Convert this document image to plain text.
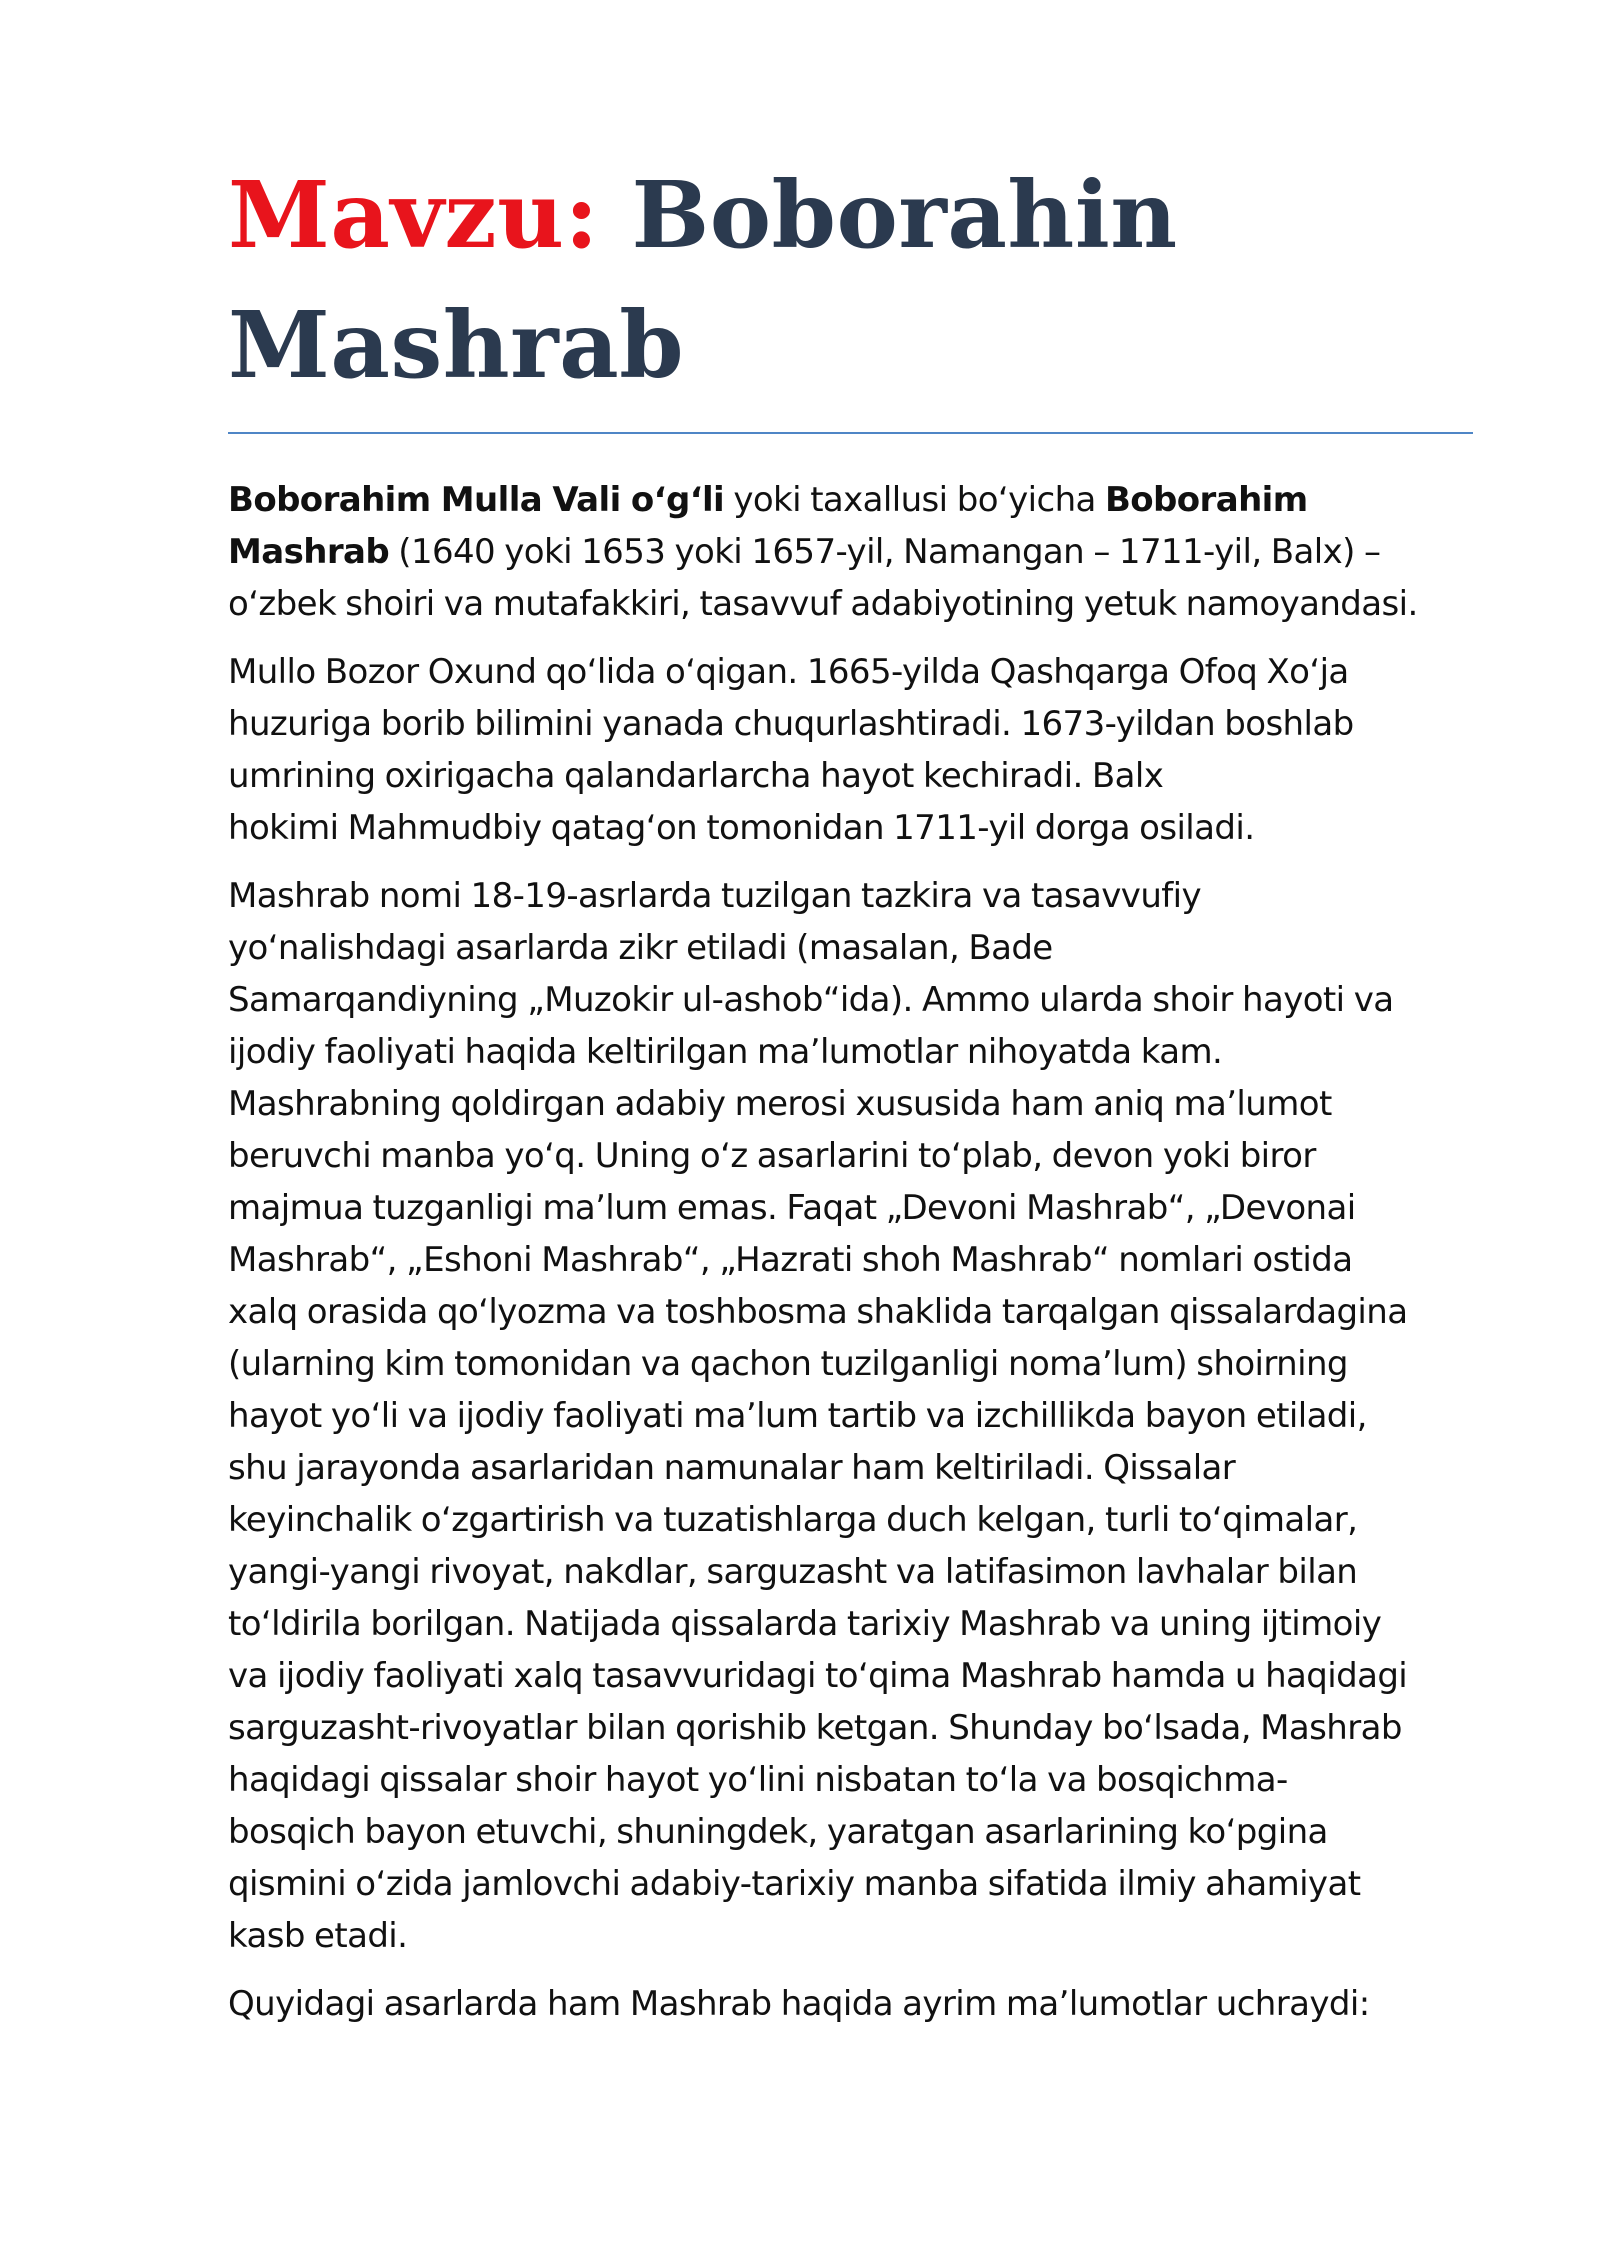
Mavzu: Boborahin
Mashrab

Boborahim Mulla Vali oʻgʻli yoki taxallusi boʻyicha Boborahim
Mashrab (1640 yoki 1653 yoki 1657-yil, Namangan – 1711-yil, Balx) –
oʻzbek shoiri va mutafakkiri, tasavvuf adabiyotining yetuk namoyandasi.

Mullo Bozor Oxund qoʻlida oʻqigan. 1665-yilda Qashqarga Ofoq Xoʻja
huzuriga borib bilimini yanada chuqurlashtiradi. 1673-yildan boshlab
umrining oxirigacha qalandarlarcha hayot kechiradi. Balx
hokimi Mahmudbiy qatagʻon tomonidan 1711-yil dorga osiladi.

Mashrab nomi 18-19-asrlarda tuzilgan tazkira va tasavvufiy
yoʻnalishdagi asarlarda zikr etiladi (masalan, Bade
Samarqandiyning „Muzokir ul-ashob“ida). Ammo ularda shoir hayoti va
ijodiy faoliyati haqida keltirilgan maʼlumotlar nihoyatda kam.
Mashrabning qoldirgan adabiy merosi xususida ham aniq maʼlumot
beruvchi manba yoʻq. Uning oʻz asarlarini toʻplab, devon yoki biror
majmua tuzganligi maʼlum emas. Faqat „Devoni Mashrab“, „Devonai
Mashrab“, „Eshoni Mashrab“, „Hazrati shoh Mashrab“ nomlari ostida
xalq orasida qoʻlyozma va toshbosma shaklida tarqalgan qissalardagina
(ularning kim tomonidan va qachon tuzilganligi nomaʼlum) shoirning
hayot yoʻli va ijodiy faoliyati maʼlum tartib va izchillikda bayon etiladi,
shu jarayonda asarlaridan namunalar ham keltiriladi. Qissalar
keyinchalik oʻzgartirish va tuzatishlarga duch kelgan, turli toʻqimalar,
yangi-yangi rivoyat, nakdlar, sarguzasht va latifasimon lavhalar bilan
toʻldirila borilgan. Natijada qissalarda tarixiy Mashrab va uning ijtimoiy
va ijodiy faoliyati xalq tasavvuridagi toʻqima Mashrab hamda u haqidagi
sarguzasht-rivoyatlar bilan qorishib ketgan. Shunday boʻlsada, Mashrab
haqidagi qissalar shoir hayot yoʻlini nisbatan toʻla va bosqichma-
bosqich bayon etuvchi, shuningdek, yaratgan asarlarining koʻpgina
qismini oʻzida jamlovchi adabiy-tarixiy manba sifatida ilmiy ahamiyat
kasb etadi.

Quyidagi asarlarda ham Mashrab haqida ayrim maʼlumotlar uchraydi:
